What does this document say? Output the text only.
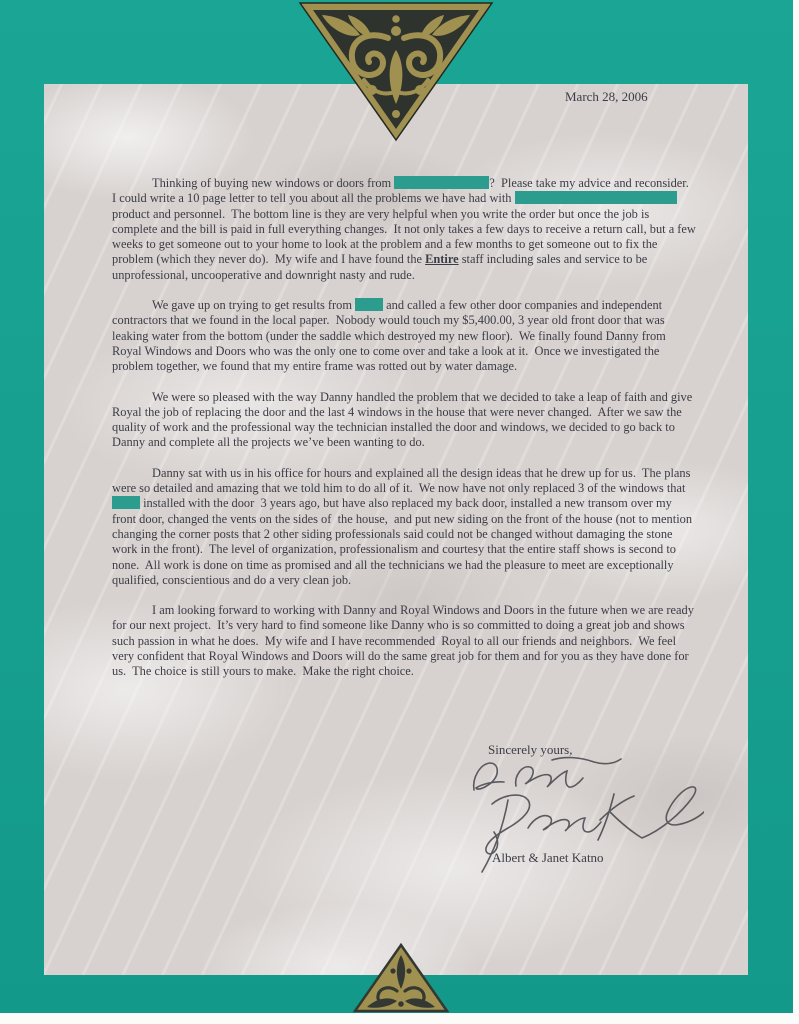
March 28, 2006

Thinking of buying new windows or doors from	?  Please take my advice and reconsider.  I could write a 10 page letter to tell you about all the problems we have had with	product and personnel.  The bottom line is they are very helpful when you write the order but once the job is complete and the bill is paid in full everything changes.  It not only takes a few days to receive a return call, but a few weeks to get someone out to your home to look at the problem and a few months to get someone out to fix the problem (which they never do).  My wife and I have found the Entire staff including sales and service to be unprofessional, uncooperative and downright nasty and rude.

We gave up on trying to get results from  and called a few other door companies and independent contractors that we found in the local paper.  Nobody would touch my $5,400.00, 3 year old front door that was leaking water from the bottom (under the saddle which destroyed my new floor).  We finally found Danny from Royal Windows and Doors who was the only one to come over and take a look at it.  Once we investigated the problem together, we found that my entire frame was rotted out by water damage.

We were so pleased with the way Danny handled the problem that we decided to take a leap of faith and give Royal the job of replacing the door and the last 4 windows in the house that were never changed.  After we saw the quality of work and the professional way the technician installed the door and windows, we decided to go back to Danny and complete all the projects we’ve been wanting to do.

Danny sat with us in his office for hours and explained all the design ideas that he drew up for us.  The plans were so detailed and amazing that we told him to do all of it.  We now have not only replaced 3 of the windows that  installed with the door  3 years ago, but have also replaced my back door, installed a new transom over my front door, changed the vents on the sides of  the house,  and put new siding on the front of the house (not to mention changing the corner posts that 2 other siding professionals said could not be changed without damaging the stone work in the front).  The level of organization, professionalism and courtesy that the entire staff shows is second to none.  All work is done on time as promised and all the technicians we had the pleasure to meet are exceptionally  qualified, conscientious and do a very clean job.

I am looking forward to working with Danny and Royal Windows and Doors in the future when we are ready for our next project.  It’s very hard to find someone like Danny who is so committed to doing a great job and shows such passion in what he does.  My wife and I have recommended  Royal to all our friends and neighbors.  We feel very confident that Royal Windows and Doors will do the same great job for them and for you as they have done for us.  The choice is still yours to make.  Make the right choice.

Sincerely yours,
Albert & Janet Katno
